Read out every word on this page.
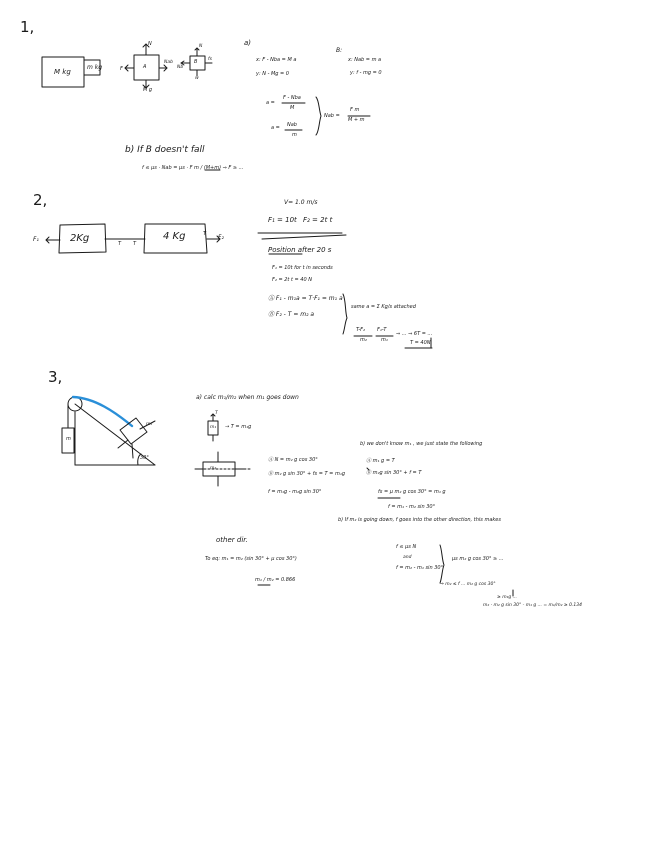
1,
2,
3,
M kg
m kg	A
N
M g
F
Nab	B
N
w
Nb
fs
a)
x: F - Nba = M a
y: N - Mg = 0
B:
x: Nab = m a
y: f - mg = 0
a =
F - Nba
M
a = Nab
m
Nab =
F m
M + m
b) If B doesn't fall
f ≤ μs · Nab = μs · F m / (M+m) ⇒ F ≥ ...
2Kg	4 Kg
F₁	F₂
T T
T
V= 1.0 m/s
F₁ = 10t F₂ = 2t t
Position after 20 s
F₁ = 10t for t in seconds
F₂ = 2t t = 40 N
Ⓐ F₁ - m₁a = T·F₁ = m₁ a
Ⓑ F₂ - T = m₂ a
same a = Σ Kg/s attached
T-F₂
m₂
F₁-T
m₁
⇒ ... ⇒ 6T = ...
T = 40N
m
m₂
30°
a) calc m₁/m₂ when m₁ goes down
m₁
T
→ T = m₁g
m₂
Ⓐ N = m₂ g cos 30°
Ⓑ m₂ g sin 30° + fs = T = m₁g
f = m₁g - m₂g sin 30°	fs = μ m₂ g cos 30° = m₁ g
b) we don't know m₁ , we just state the following
Ⓐ m₁ g = T
Ⓑ m₂g sin 30° + f = T
f = m₁ - m₂ sin 30°
b) If m₂ is going down, f goes into the other direction, this makes
other dir.
To eq: m₁ = m₂ (sin 30° + μ cos 30°)
m₁ / m₂ = 0.866
f ≤ μs N
and
f = m₂ - m₁ sin 30°
μs m₂ g cos 30° ≥ ...
⇒ m₂ ≤ f ... m₂ g cos 30°
≥ m₁g ...
m₂ · m₂ g sin 30° - m₁ g ... = m₁/m₂ ≥ 0.134
